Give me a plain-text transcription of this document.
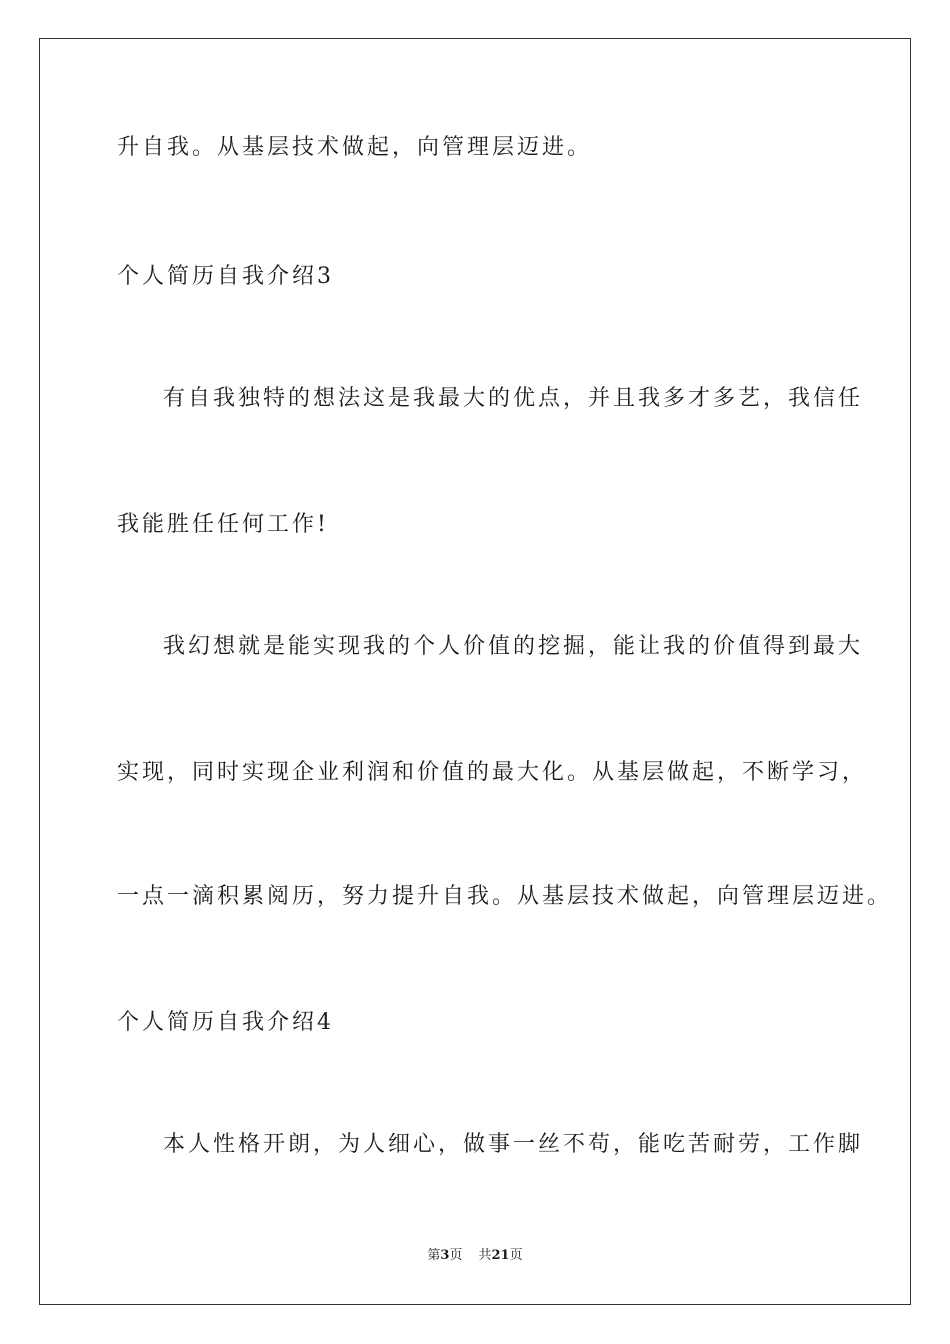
升自我。从基层技术做起，向管理层迈进。
个人简历自我介绍3
有自我独特的想法这是我最大的优点，并且我多才多艺，我信任
我能胜任任何工作!
我幻想就是能实现我的个人价值的挖掘，能让我的价值得到最大
实现，同时实现企业利润和价值的最大化。从基层做起，不断学习，
一点一滴积累阅历，努力提升自我。从基层技术做起，向管理层迈进。
个人简历自我介绍4
本人性格开朗，为人细心，做事一丝不苟，能吃苦耐劳，工作脚
第3页 共21页
